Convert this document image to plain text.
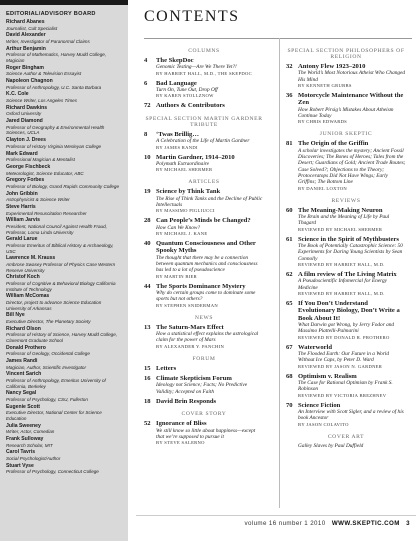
EDITORIAL/ADVISORY BOARD
Richard Abanes
Journalist, Cult Specialist
David Alexander
Writer, Investigator of Paranormal Claims
Arthur Benjamin
Professor of Mathematics, Harvey Mudd College, Magician
Roger Bingham
Science Author & Television Essayist
Napoleon Chagnon
Professor of Anthropology, U.C. Santa Barbara
K.C. Cole
Science Writer, Los Angeles Times
Richard Dawkins
Oxford University
Jared Diamond
Professor of Geography & Environmental Health Sciences, UCLA
Clayton J. Drees
Professor of History Virginia Wesleyan College
Mark Edward
Professional Magician & Mentalist
George Fischbeck
Meteorologist, Science Educator, ABC
Gregory Forbes
Professor of Biology, Grand Rapids Community College
John Gribbin
Astrophysicist & Science Writer
Steve Harris
Experimental Resuscitation Researcher
William Jarvis
President, National Council Against Health Fraud, Professor, Loma Linda University
Gerald Larue
Professor Emeritus of Biblical History & Archaeology, USC
Lawrence M. Krauss
Ambrose Swasey Professor of Physics Case Western Reserve University
Christof Koch
Professor of Cognitive & Behavioral Biology California Institute of Technology
William McComas
Director, project to advance Science Education University of Arkansas
Bill Nye
Executive Director, The Planetary Society
Richard Olson
Professor of History of Science, Harvey Mudd College, Claremont Graduate School
Donald Prothero
Professor of Geology, Occidental College
James Randi
Magician, Author, Scientific Investigator
Vincent Sarich
Professor of Anthropology, Emeritus University of California, Berkeley
Nancy Segal
Professor of Psychology, CSU, Fullerton
Eugenie Scott
Executive Director, National Center for Science Education
Julia Sweeney
Writer, Actor, Comedian
Frank Sulloway
Research Scholar, MIT
Carol Tavris
Social Psychologist/Author
Stuart Vyse
Professor of Psychology, Connecticut College
CONTENTS
COLUMNS
4 The SkepDoc
Genomic Testing—Are We There Yet?!
BY HARRIET HALL, M.D., THE SKEPDOC
6 Bad Language
Turn On, Tune Out, Drop Off
BY KAREN STOLLZNOW
72 Authors & Contributors
SPECIAL SECTION MARTIN GARDNER TRIBUTE
8 ‘Twas Brillig…
A Celebration of the Life of Martin Gardner
BY JAMES RANDI
10 Martin Gardner, 1914–2010
Polymath Extraordinaire
BY MICHAEL SHERMER
ARTICLES
19 Science by Think Tank
The Rise of Think Tanks and the Decline of Public Intellectuals
BY MASSIMO PIGLIUCCI
28 Can People’s Minds be Changed?
How Can We Know?
BY MICHAEL J. KANE
40 Quantum Consciousness and Other Spooky Myths
The thought that there may be a connection between quantum mechanics and consciousness has led to a lot of pseudoscience
BY MARTIN BIER
44 The Sports Dominance Mystery
Why do certain groups come to dominate some sports but not others?
BY STEPHEN SNIDERMAN
NEWS
13 The Saturn-Mars Effect
How a statistical effect explains the astrological claim for the power of Mars
BY ALEXANDER Y. PANCHIN
FORUM
15 Letters
16 Climate Skepticism Forum
Ideology not Science; Facts; No Predictive Validity; Accepted on Faith
18 David Brin Responds
COVER STORY
52 Ignorance of Bliss
We still know so little about happiness—except that we’re supposed to pursue it
BY STEVE SALERNO
SPECIAL SECTION PHILOSOPHERS OF RELIGION
32 Antony Flew 1923–2010
The World’s Most Notorious Atheist Who Changed His Mind
BY KENNETH GRUBBS
36 Motorcycle Maintenance Without the Zen
How Robert Pirsig’s Mistakes About Atheism Continue Today
BY CHRIS EDWARDS
JUNIOR SKEPTIC
81 The Origin of the Griffin
A scholar investigates the mystery; Ancient Fossil Discoveries; The Bones of Heroes; Tales from the Desert; Guardians of Gold; Ancient Trade Routes; Case Solved?; Objections to the Theory; Protoceratops Did Not Have Wings; Early Griffins; The Bottom Line
BY DANIEL LOXTON
REVIEWS
60 The Meaning-Making Neuron
The Brain and the Meaning of Life by Paul Thagard
REVIEWED BY MICHAEL SHERMER
61 Science in the Spirit of Mythbusters
The Book of Potentially Catastrophic Science: 50 Experiments for Daring Young Scientists by Sean Connolly
REVIEWED BY HARRIET HALL, M.D.
62 A film review of The Living Matrix
A Pseudoscientific Infomercial for Energy Medicine
REVIEWED BY HARRIET HALL, M.D.
65 If You Don’t Understand Evolutionary Biology, Don’t Write a Book About It!
What Darwin got Wrong, by Jerry Fodor and Massimo Piattelli-Palmarini
REVIEWED BY DONALD R. PROTHERO
67 Waterworld
The Flooded Earth: Our Future in a World Without Ice Caps, by Peter D. Ward
REVIEWED BY JASON N. GARDNER
68 Optimism v. Realism
The Case for Rational Optimism by Frank S. Robinson
REVIEWED BY VICTORIA BREZHNEV
70 Science Fiction
An Interview with Scott Sigler, and a review of his book Ancestor
BY JASON COLAVITO
COVER ART
Galley Slaves by Paul Duffield
volume 16 number 1 2010 WWW.SKEPTIC.COM 3
